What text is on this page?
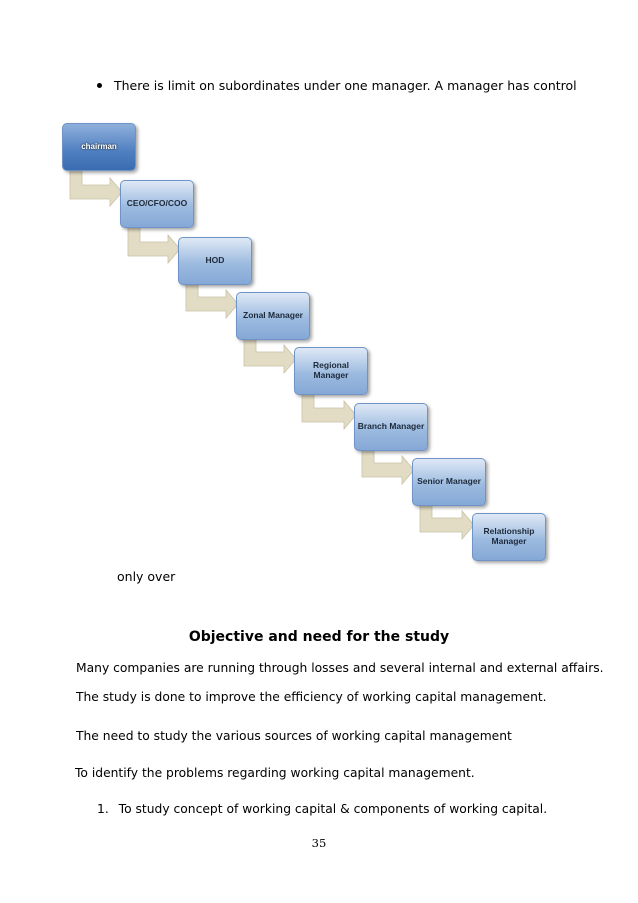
There is limit on subordinates under one manager. A manager has control
chairman
CEO/CFO/COO
HOD
Zonal Manager
Regional Manager
Branch Manager
Senior Manager
Relationship Manager
only over
Objective and need for the study
Many companies are running through losses and several internal and external affairs.
The study is done to improve the efficiency of working capital management.
The need to study the various sources of working capital management
To identify the problems regarding working capital management.
1. To study concept of working capital & components of working capital.
35
